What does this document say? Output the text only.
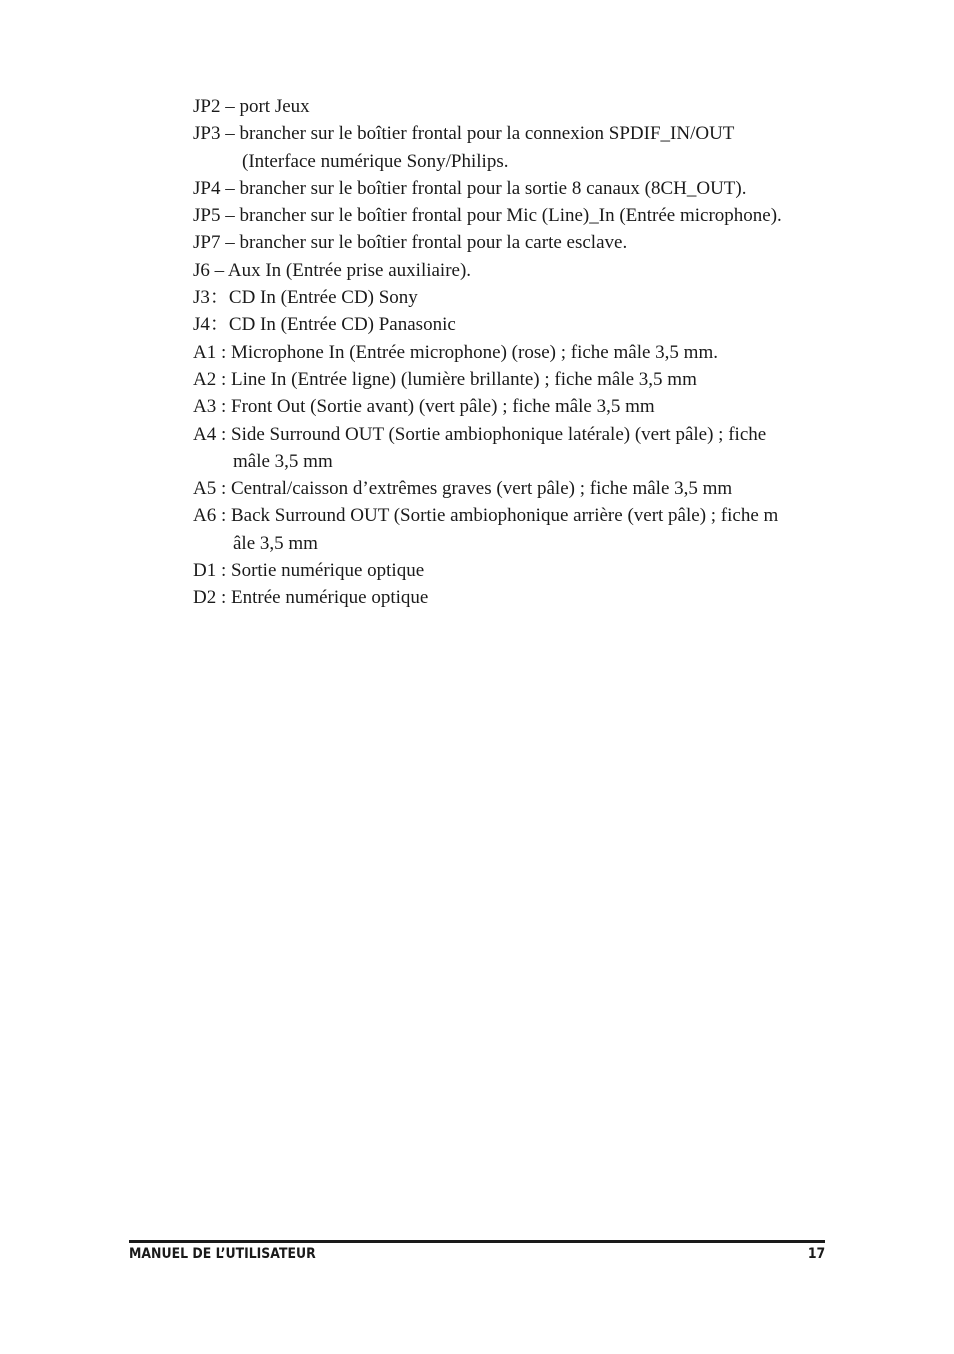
JP2 – port Jeux
JP3 – brancher sur le boîtier frontal pour la connexion SPDIF_IN/OUT
(Interface numérique Sony/Philips.
JP4 – brancher sur le boîtier frontal pour la sortie 8 canaux (8CH_OUT).
JP5 – brancher sur le boîtier frontal pour Mic (Line)_In (Entrée microphone).
JP7 – brancher sur le boîtier frontal pour la carte esclave.
J6 – Aux In (Entrée prise auxiliaire).
J3：CD In (Entrée CD) Sony
J4：CD In (Entrée CD) Panasonic
A1 : Microphone In (Entrée microphone) (rose) ; fiche mâle 3,5 mm.
A2 : Line In (Entrée ligne) (lumière brillante) ; fiche mâle 3,5 mm
A3 : Front Out (Sortie avant) (vert pâle) ; fiche mâle 3,5 mm
A4 : Side Surround OUT (Sortie ambiophonique latérale) (vert pâle) ; fiche
mâle 3,5 mm
A5 : Central/caisson d’extrêmes graves (vert pâle) ; fiche mâle 3,5 mm
A6 : Back Surround OUT (Sortie ambiophonique arrière (vert pâle) ; fiche m
âle 3,5 mm
D1 : Sortie numérique optique
D2 : Entrée numérique optique
MANUEL DE L’UTILISATEUR	17
